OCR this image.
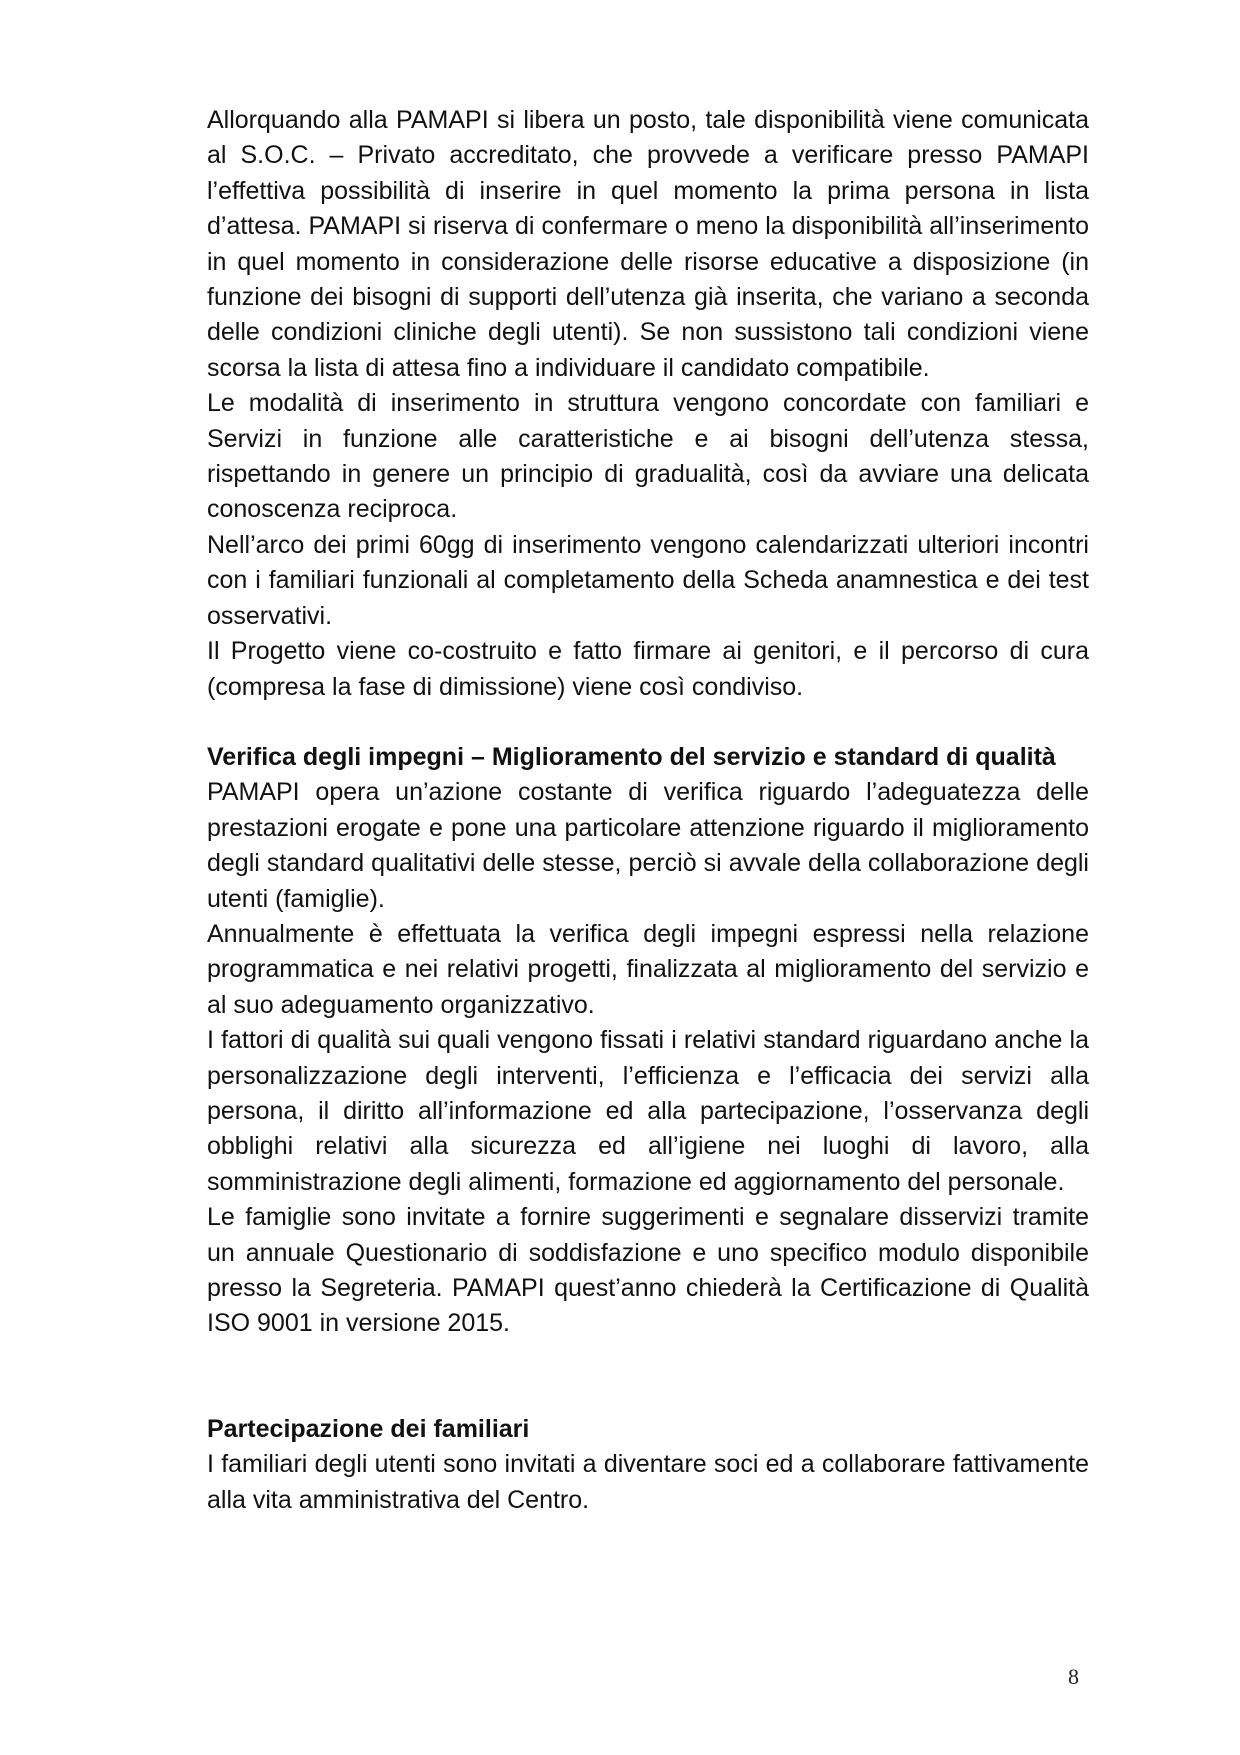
Allorquando alla PAMAPI si libera un posto, tale disponibilità viene comunicata al S.O.C. – Privato accreditato, che provvede a verificare presso PAMAPI l’effettiva possibilità di inserire in quel momento la prima persona in lista d’attesa. PAMAPI si riserva di confermare o meno la disponibilità all’inserimento in quel momento in considerazione delle risorse educative a disposizione (in funzione dei bisogni di supporti dell’utenza già inserita, che variano a seconda delle condizioni cliniche degli utenti). Se non sussistono tali condizioni viene scorsa la lista di attesa fino a individuare il candidato compatibile.

Le modalità di inserimento in struttura vengono concordate con familiari e Servizi in funzione alle caratteristiche e ai bisogni dell’utenza stessa, rispettando in genere un principio di gradualità, così da avviare una delicata conoscenza reciproca.

Nell’arco dei primi 60gg di inserimento vengono calendarizzati ulteriori incontri con i familiari funzionali al completamento della Scheda anamnestica e dei test osservativi.

Il Progetto viene co-costruito e fatto firmare ai genitori, e il percorso di cura (compresa la fase di dimissione) viene così condiviso.

Verifica degli impegni – Miglioramento del servizio e standard di qualità

PAMAPI opera un’azione costante di verifica riguardo l’adeguatezza delle prestazioni erogate e pone una particolare attenzione riguardo il miglioramento degli standard qualitativi delle stesse, perciò si avvale della collaborazione degli utenti (famiglie).

Annualmente è effettuata la verifica degli impegni espressi nella relazione programmatica e nei relativi progetti, finalizzata al miglioramento del servizio e al suo adeguamento organizzativo.

I fattori di qualità sui quali vengono fissati i relativi standard riguardano anche la personalizzazione degli interventi, l’efficienza e l’efficacia dei servizi alla persona, il diritto all’informazione ed alla partecipazione, l’osservanza degli obblighi relativi alla sicurezza ed all’igiene nei luoghi di lavoro, alla somministrazione degli alimenti, formazione ed aggiornamento del personale.

Le famiglie sono invitate a fornire suggerimenti e segnalare disservizi tramite un annuale Questionario di soddisfazione e uno specifico modulo disponibile presso la Segreteria. PAMAPI quest’anno chiederà la Certificazione di Qualità ISO 9001 in versione 2015.

Partecipazione dei familiari

I familiari degli utenti sono invitati a diventare soci ed a collaborare fattivamente alla vita amministrativa del Centro.

8
